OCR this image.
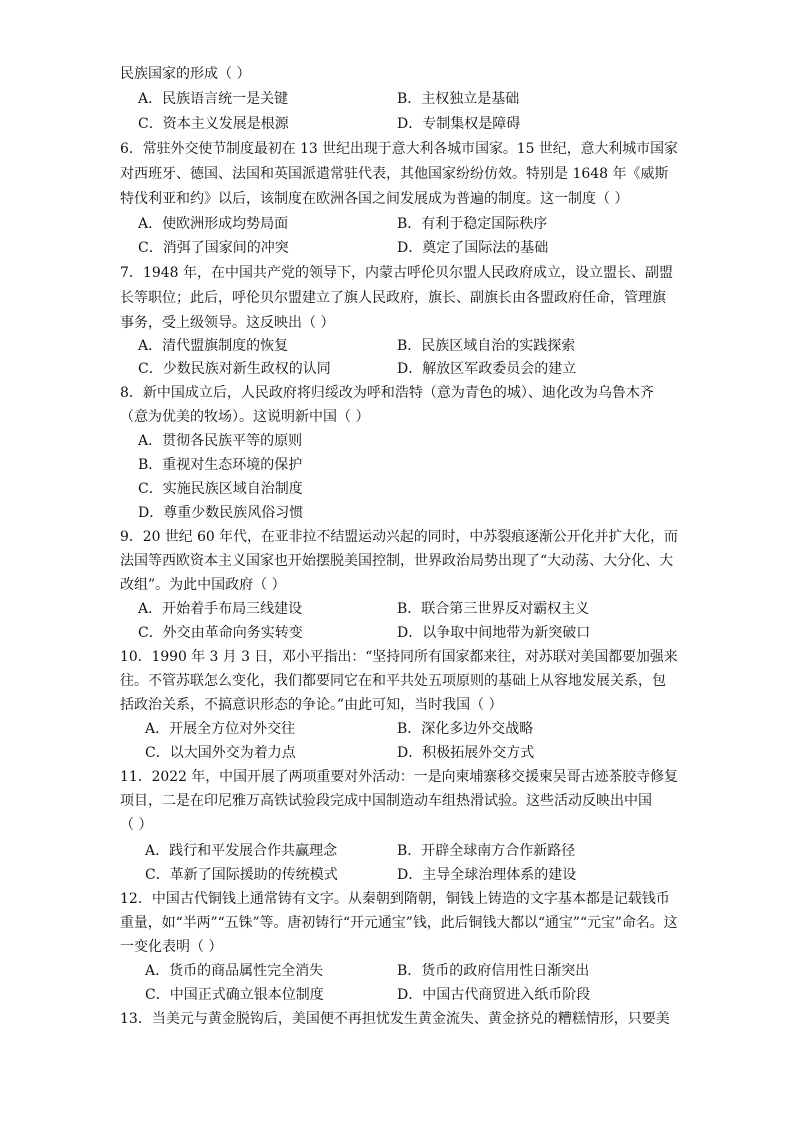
民族国家的形成（ ）
A．民族语言统一是关键	B．主权独立是基础
C．资本主义发展是根源	D．专制集权是障碍
6．常驻外交使节制度最初在 13 世纪出现于意大利各城市国家。15 世纪，意大利城市国家
对西班牙、德国、法国和英国派遣常驻代表，其他国家纷纷仿效。特别是 1648 年《威斯
特伐利亚和约》以后，该制度在欧洲各国之间发展成为普遍的制度。这一制度（ ）
A．使欧洲形成均势局面	B．有利于稳定国际秩序
C．消弭了国家间的冲突	D．奠定了国际法的基础
7．1948 年，在中国共产党的领导下，内蒙古呼伦贝尔盟人民政府成立，设立盟长、副盟
长等职位；此后，呼伦贝尔盟建立了旗人民政府，旗长、副旗长由各盟政府任命，管理旗
事务，受上级领导。这反映出（ ）
A．清代盟旗制度的恢复	B．民族区域自治的实践探索
C．少数民族对新生政权的认同	D．解放区军政委员会的建立
8．新中国成立后，人民政府将归绥改为呼和浩特（意为青色的城）、迪化改为乌鲁木齐
（意为优美的牧场）。这说明新中国（ ）
A．贯彻各民族平等的原则
B．重视对生态环境的保护
C．实施民族区域自治制度
D．尊重少数民族风俗习惯
9．20 世纪 60 年代，在亚非拉不结盟运动兴起的同时，中苏裂痕逐渐公开化并扩大化，而
法国等西欧资本主义国家也开始摆脱美国控制，世界政治局势出现了“大动荡、大分化、大
改组”。为此中国政府（ ）
A．开始着手布局三线建设	B．联合第三世界反对霸权主义
C．外交由革命向务实转变	D．以争取中间地带为新突破口
10．1990 年 3 月 3 日，邓小平指出：“坚持同所有国家都来往，对苏联对美国都要加强来
往。不管苏联怎么变化，我们都要同它在和平共处五项原则的基础上从容地发展关系，包
括政治关系，不搞意识形态的争论。”由此可知，当时我国（ ）
A．开展全方位对外交往	B．深化多边外交战略
C．以大国外交为着力点	D．积极拓展外交方式
11．2022 年，中国开展了两项重要对外活动：一是向柬埔寨移交援柬吴哥古迹茶胶寺修复
项目，二是在印尼雅万高铁试验段完成中国制造动车组热滑试验。这些活动反映出中国
（ ）
A．践行和平发展合作共赢理念	B．开辟全球南方合作新路径
C．革新了国际援助的传统模式	D．主导全球治理体系的建设
12．中国古代铜钱上通常铸有文字。从秦朝到隋朝，铜钱上铸造的文字基本都是记载钱币
重量，如“半两”“五铢”等。唐初铸行“开元通宝”钱，此后铜钱大都以“通宝”“元宝”命名。这
一变化表明（ ）
A．货币的商品属性完全消失	B．货币的政府信用性日渐突出
C．中国正式确立银本位制度	D．中国古代商贸进入纸币阶段
13．当美元与黄金脱钩后，美国便不再担忧发生黄金流失、黄金挤兑的糟糕情形，只要美
